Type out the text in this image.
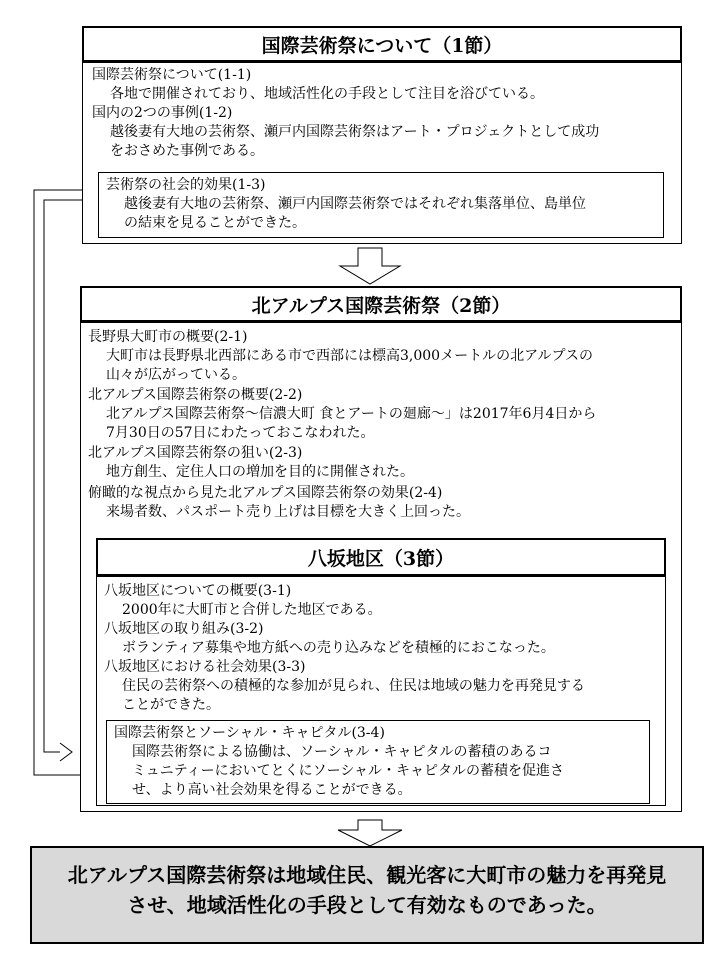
国際芸術祭について（1節）
国際芸術祭について(1-1)
各地で開催されており、地域活性化の手段として注目を浴びている。
国内の2つの事例(1-2)
越後妻有大地の芸術祭、瀬戸内国際芸術祭はアート・プロジェクトとして成功
をおさめた事例である。
芸術祭の社会的効果(1-3)
越後妻有大地の芸術祭、瀬戸内国際芸術祭ではそれぞれ集落単位、島単位
の結束を見ることができた。
北アルプス国際芸術祭（2節）
長野県大町市の概要(2-1)
大町市は長野県北西部にある市で西部には標高3,000メートルの北アルプスの
山々が広がっている。
北アルプス国際芸術祭の概要(2-2)
北アルプス国際芸術祭～信濃大町 食とアートの廻廊～」は2017年6月4日から
7月30日の57日にわたっておこなわれた。
北アルプス国際芸術祭の狙い(2-3)
地方創生、定住人口の増加を目的に開催された。
俯瞰的な視点から見た北アルプス国際芸術祭の効果(2-4)
来場者数、パスポート売り上げは目標を大きく上回った。
八坂地区（3節）
八坂地区についての概要(3-1)
2000年に大町市と合併した地区である。
八坂地区の取り組み(3-2)
ボランティア募集や地方紙への売り込みなどを積極的におこなった。
八坂地区における社会効果(3-3)
住民の芸術祭への積極的な参加が見られ、住民は地域の魅力を再発見する
ことができた。
国際芸術祭とソーシャル・キャピタル(3-4)
国際芸術祭による協働は、ソーシャル・キャピタルの蓄積のあるコ
ミュニティーにおいてとくにソーシャル・キャピタルの蓄積を促進さ
せ、より高い社会効果を得ることができる。
北アルプス国際芸術祭は地域住民、観光客に大町市の魅力を再発見
させ、地域活性化の手段として有効なものであった。
